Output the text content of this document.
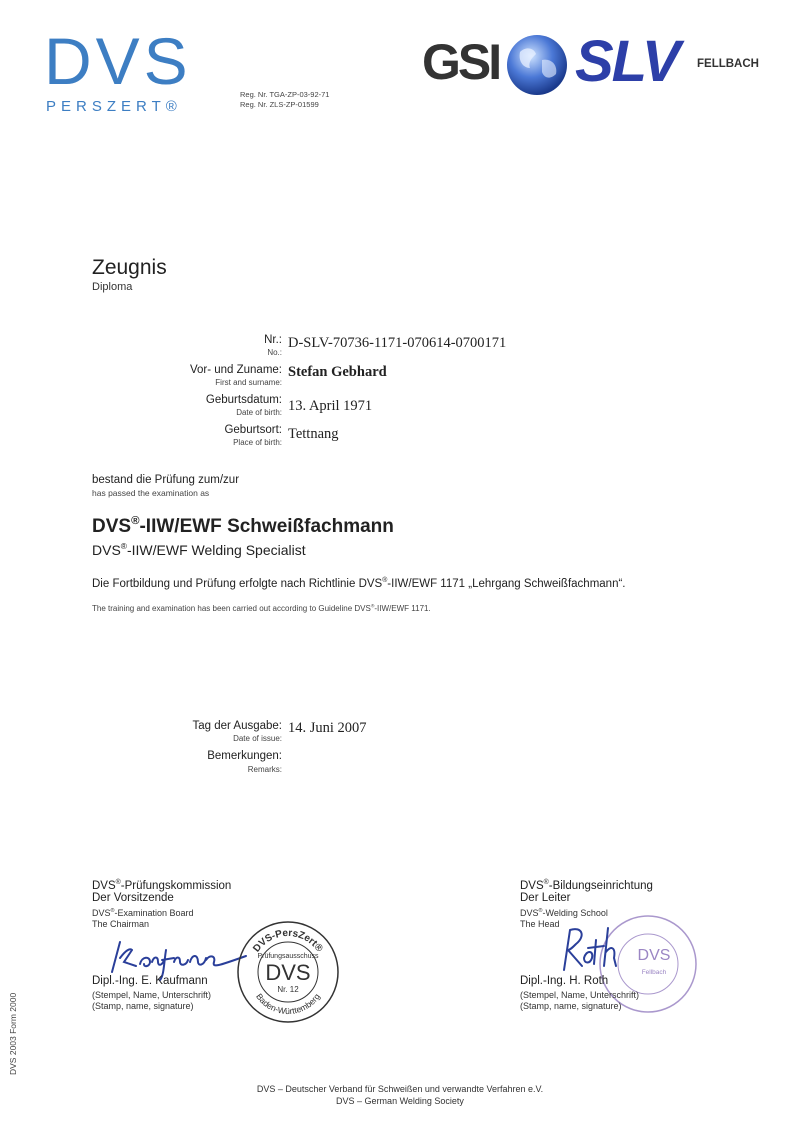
DVS
PERSZERT®
Reg. Nr. TGA-ZP-03-92-71
Reg. Nr. ZLS-ZP-01599
GSI SLV FELLBACH
Zeugnis
Diploma
Nr.:
No.:
D-SLV-70736-1171-070614-0700171
Vor- und Zuname:
First and surname:
Stefan Gebhard
Geburtsdatum:
Date of birth: 13. April 1971
Geburtsort:
Place of birth:
Tettnang
bestand die Prüfung zum/zur
has passed the examination as
DVS®-IIW/EWF Schweißfachmann
DVS®-IIW/EWF Welding Specialist
Die Fortbildung und Prüfung erfolgte nach Richtlinie DVS®-IIW/EWF 1171 „Lehrgang Schweißfachmann“.
The training and examination has been carried out according to Guideline DVS®-IIW/EWF 1171.
Tag der Ausgabe:
Date of issue:
14. Juni 2007
Bemerkungen:
Remarks:
DVS®-Prüfungskommission
Der Vorsitzende
DVS®-Examination Board
The Chairman
DVS-PersZert®
Prüfungsausschuss
DVS
Nr. 12
Baden-Württemberg
Dipl.-Ing. E. Kaufmann
(Stempel, Name, Unterschrift)
(Stamp, name, signature)
DVS®-Bildungseinrichtung
Der Leiter
DVS®-Welding School
The Head
DVS
Fellbach
Dipl.-Ing. H. Roth
(Stempel, Name, Unterschrift)
(Stamp, name, signature)
DVS – Deutscher Verband für Schweißen und verwandte Verfahren e.V.
DVS – German Welding Society
DVS 2003 Form 2000
